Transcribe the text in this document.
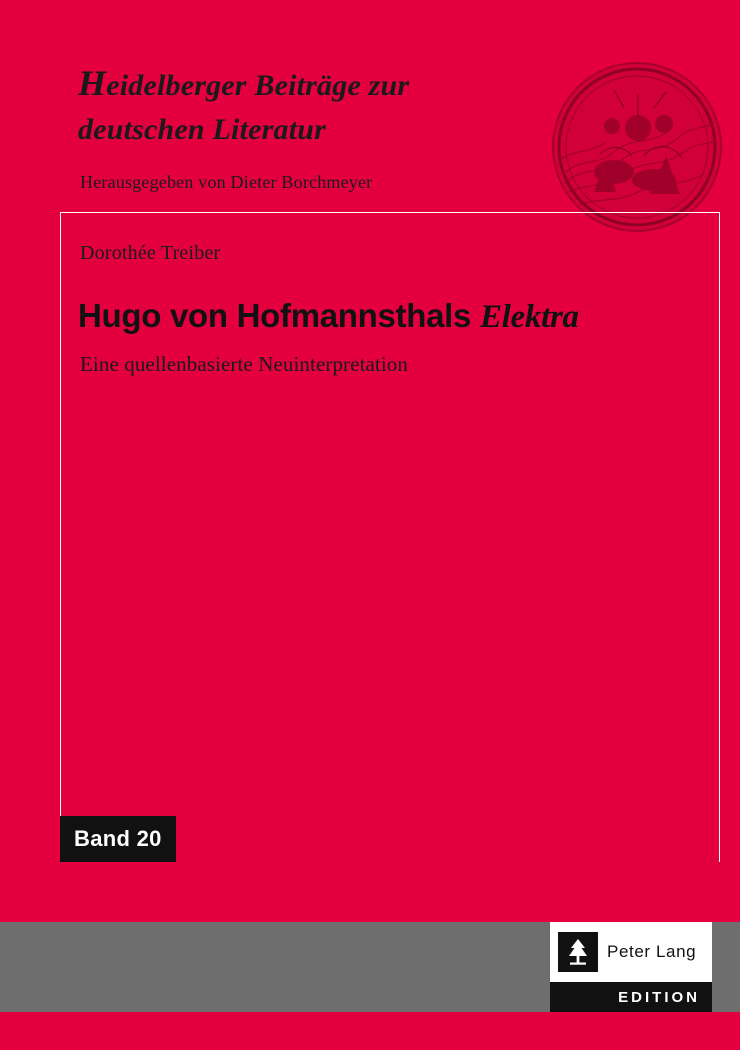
Heidelberger Beiträge zur
deutschen Literatur
Herausgegeben von Dieter Borchmeyer
Dorothée Treiber
Hugo von Hofmannsthals Elektra
Eine quellenbasierte Neuinterpretation
Band 20
Peter Lang
EDITION
